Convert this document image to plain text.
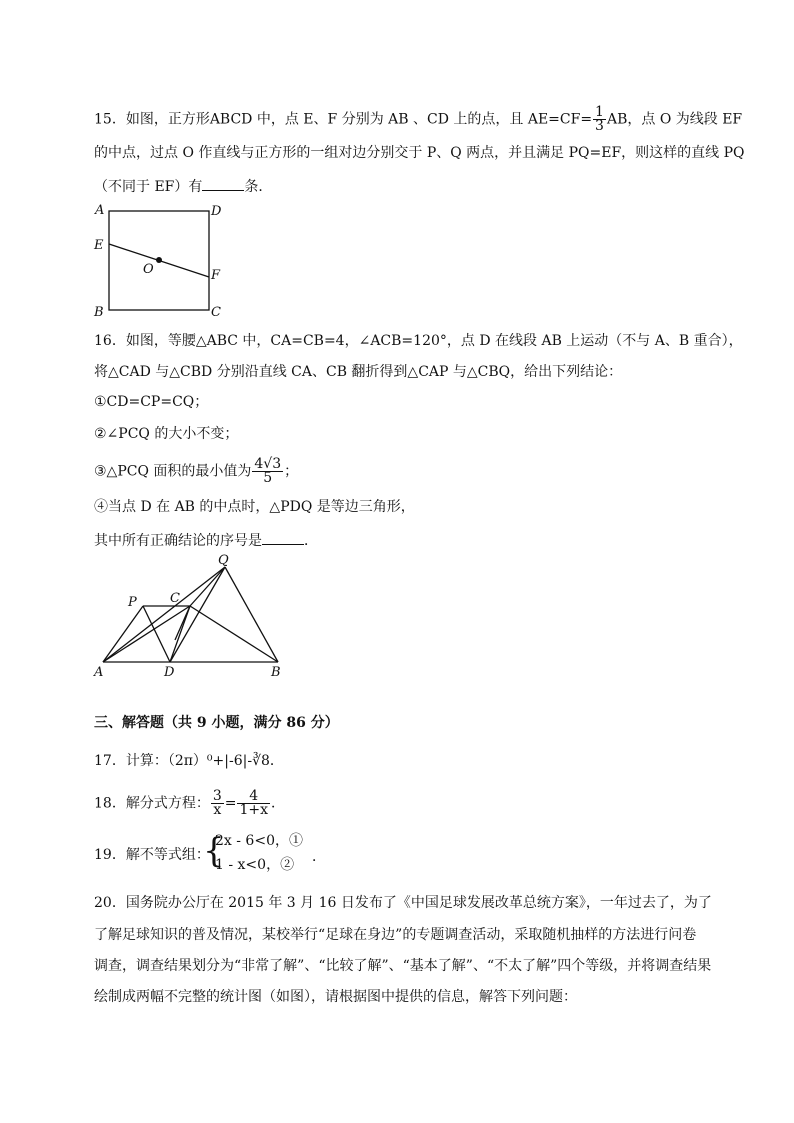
15．如图，正方形ABCD 中，点 E、F 分别为 AB 、CD 上的点，且 $AE=CF= \frac{1}{3}$ AB，点 O 为线段 EF
的中点，过点 O 作直线与正方形的一组对边分别交于 P、Q 两点，并且满足 PQ=EF，则这样的直线 PQ
（不同于 EF）有	条．
A	D
E
O	F
B	C
16．如图，等腰△ABC 中，CA=CB=4，∠ACB=120°，点 D 在线段 AB 上运动（不与 A、B 重合），
将△CAD 与△CBD 分别沿直线 CA、CB 翻折得到△CAP 与△CBQ，给出下列结论：
①CD=CP=CQ；
②∠PCQ 的大小不变；
③△PCQ 面积的最小值为 $\frac{4√3}{5}$ ；
④当点 D 在 AB 的中点时，△PDQ 是等边三角形，
其中所有正确结论的序号是	．
Q
P	C
A	D	B
三、解答题（共 9 小题，满分 86 分）
17．计算：（2π）⁰+|-6|-∛8．
18．解分式方程： $\frac{3}{x} = \frac{4}{1+x}$ ．
19．解不等式组：
{
2x - 6<0，①
1 - x<0，② ．
20．国务院办公厅在 2015 年 3 月 16 日发布了《中国足球发展改革总统方案》，一年过去了，为了
了解足球知识的普及情况，某校举行“足球在身边”的专题调查活动，采取随机抽样的方法进行问卷
调查，调查结果划分为“非常了解”、“比较了解”、“基本了解”、“不太了解”四个等级，并将调查结果
绘制成两幅不完整的统计图（如图），请根据图中提供的信息，解答下列问题：
